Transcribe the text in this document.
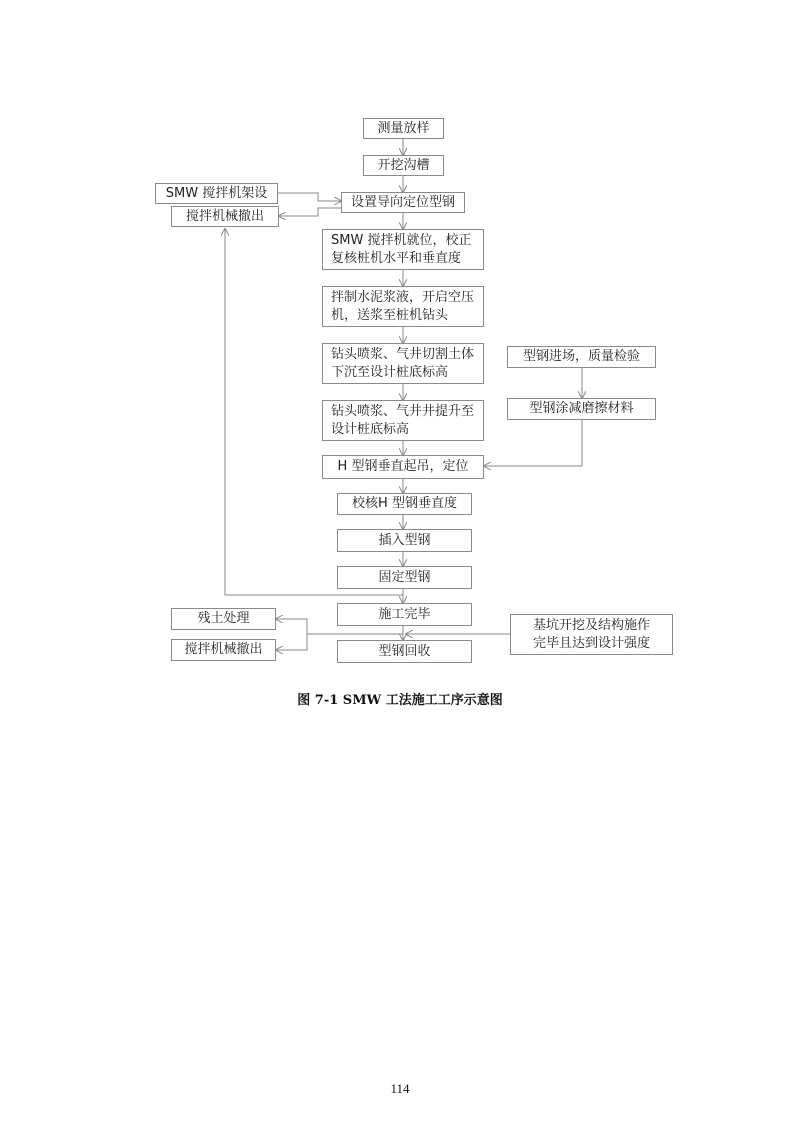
测量放样
开挖沟槽
设置导向定位型钢
SMW 搅拌机就位，校正
复核桩机水平和垂直度
拌制水泥浆液，开启空压
机，送浆至桩机钻头
钻头喷浆、气井切割土体
下沉至设计桩底标高
钻头喷浆、气井井提升至
设计桩底标高
H 型钢垂直起吊，定位
校核H 型钢垂直度
插入型钢
固定型钢
施工完毕
型钢回收
SMW 搅拌机架设
搅拌机械撤出
残土处理
搅拌机械撤出
型钢进场，质量检验
型钢涂减磨擦材料
基坑开挖及结构施作
完毕且达到设计强度
图 7-1 SMW 工法施工工序示意图
114
